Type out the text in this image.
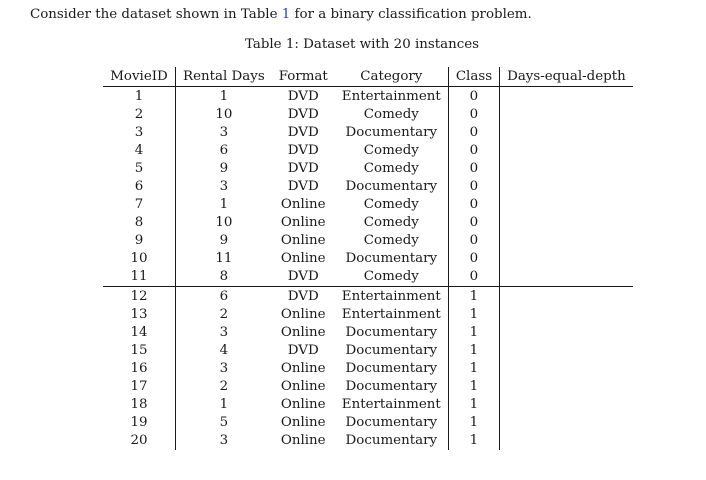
Consider the dataset shown in Table 1 for a binary classification problem.
Table 1: Dataset with 20 instances
MovieID	Rental Days	Format	Category	Class	Days-equal-depth
1	1	DVD	Entertainment	0	
2	10	DVD	Comedy	0	
3	3	DVD	Documentary	0	
4	6	DVD	Comedy	0	
5	9	DVD	Comedy	0	
6	3	DVD	Documentary	0	
7	1	Online	Comedy	0	
8	10	Online	Comedy	0	
9	9	Online	Comedy	0	
10	11	Online	Documentary	0	
11	8	DVD	Comedy	0	
12	6	DVD	Entertainment	1	
13	2	Online	Entertainment	1	
14	3	Online	Documentary	1	
15	4	DVD	Documentary	1	
16	3	Online	Documentary	1	
17	2	Online	Documentary	1	
18	1	Online	Entertainment	1	
19	5	Online	Documentary	1	
20	3	Online	Documentary	1	
